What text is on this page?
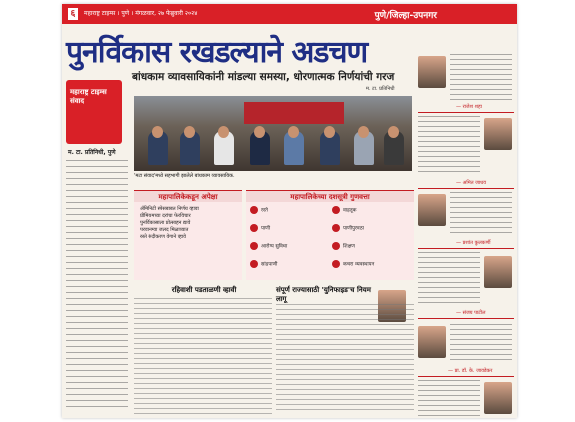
६	महाराष्ट्र टाइम्स । पुणे । मंगळवार, २७ फेब्रुवारी २०२४	पुणे/जिल्हा-उपनगर
पुनर्विकास रखडल्याने अडचण
बांधकाम व्यावसायिकांनी मांडल्या समस्या, धोरणात्मक निर्णयांची गरज
म. टा. प्रतिनिधी
महाराष्ट्र टाइम्स संवाद
म. टा. प्रतिनिधी, पुणे
'मटा संवाद'मध्ये सहभागी झालेले बांधकाम व्यावसायिक.
महापालिकेकडून अपेक्षा
ॲमिनिटी स्पेसबाबत निर्णय व्हावा
प्रीमियमच्या दरांचा फेरविचार
पुनर्विकासाला प्रोत्साहन द्यावे
परवानग्या जलद मिळाव्यात
रस्ते रुंदीकरण वेगाने व्हावे
महापालिकेच्या दशसूत्री गुणवत्ता
रस्ते	वाहतूक
पाणी	पाणीपुरवठा
आरोग्य सुविधा	शिक्षण
सांडपाणी	कचरा व्यवस्थापन
रहिवाशी पडताळणी व्हावी	संपूर्ण राज्यासाठी 'युनिफाइड'च नियम लागू
— राजेश शहा
— अमित जाधव
— प्रशांत कुलकर्णी
— संजय पाटील
— प्रा. डॉ. के. जावडेकर
